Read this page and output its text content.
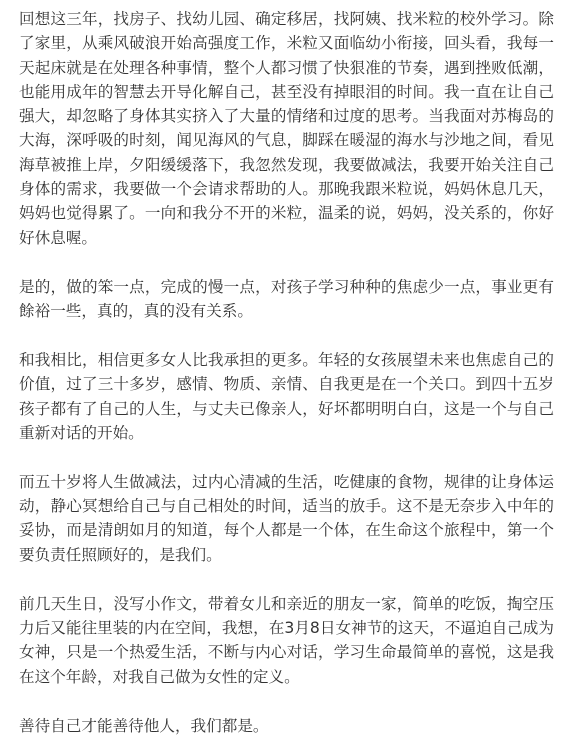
回想这三年，找房子、找幼儿园、确定移居，找阿姨、找米粒的校外学习。除了家里，从乘风破浪开始高强度工作，米粒又面临幼小衔接，回头看，我每一天起床就是在处理各种事情，整个人都习惯了快狠准的节奏，遇到挫败低潮，也能用成年的智慧去开导化解自己，甚至没有掉眼泪的时间。我一直在让自己强大，却忽略了身体其实挤入了大量的情绪和过度的思考。当我面对苏梅岛的大海，深呼吸的时刻，闻见海风的气息，脚踩在暖湿的海水与沙地之间，看见海草被推上岸，夕阳缓缓落下，我忽然发现，我要做减法，我要开始关注自己身体的需求，我要做一个会请求帮助的人。那晚我跟米粒说，妈妈休息几天，妈妈也觉得累了。一向和我分不开的米粒，温柔的说，妈妈，没关系的，你好好休息喔。

是的，做的笨一点，完成的慢一点，对孩子学习种种的焦虑少一点，事业更有餘裕一些，真的，真的没有关系。

和我相比，相信更多女人比我承担的更多。年轻的女孩展望未来也焦虑自己的价值，过了三十多岁，感情、物质、亲情、自我更是在一个关口。到四十五岁孩子都有了自己的人生，与丈夫已像亲人，好坏都明明白白，这是一个与自己重新对话的开始。

而五十岁将人生做减法，过内心清减的生活，吃健康的食物，规律的让身体运动，静心冥想给自己与自己相处的时间，适当的放手。这不是无奈步入中年的妥协，而是清朗如月的知道，每个人都是一个体，在生命这个旅程中，第一个要负责任照顾好的，是我们。

前几天生日，没写小作文，带着女儿和亲近的朋友一家，简单的吃饭，掏空压力后又能往里装的内在空间，我想，在3月8日女神节的这天，不逼迫自己成为女神，只是一个热爱生活，不断与内心对话，学习生命最简单的喜悦，这是我在这个年龄，对我自己做为女性的定义。

善待自己才能善待他人，我们都是。
